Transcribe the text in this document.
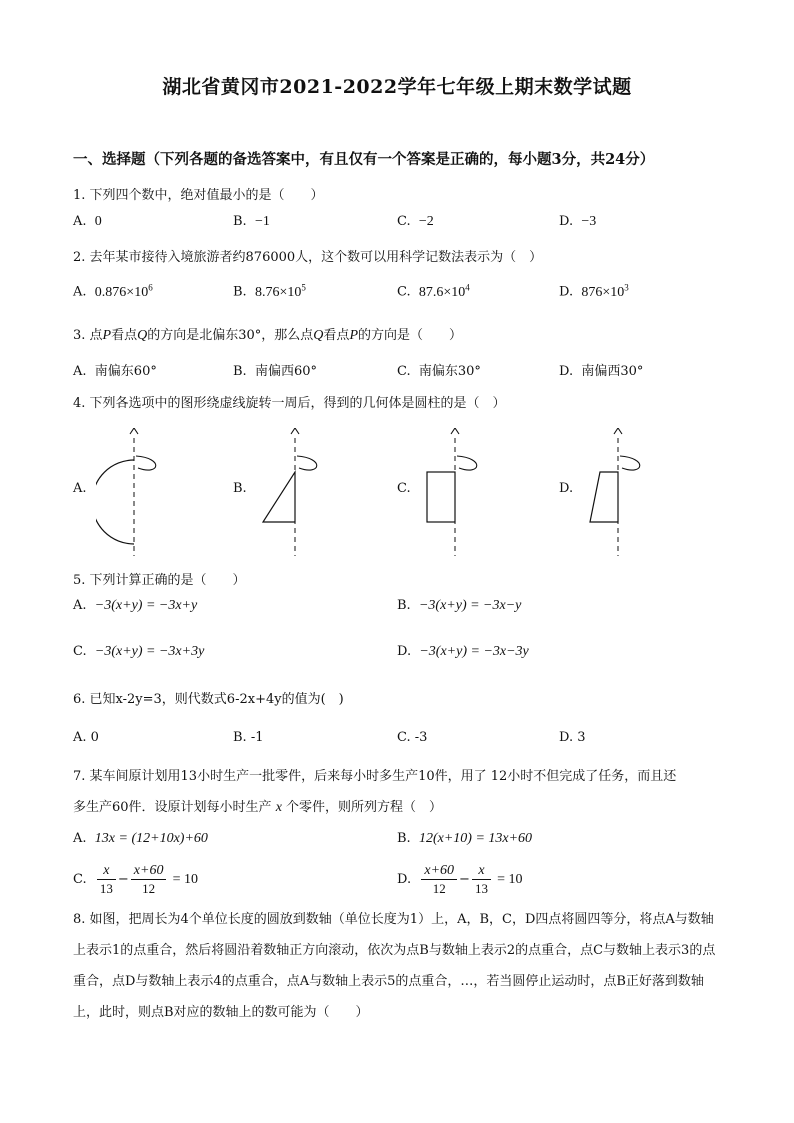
湖北省黄冈市2021-2022学年七年级上期末数学试题
一、选择题（下列各题的备选答案中，有且仅有一个答案是正确的，每小题3分，共24分）
1. 下列四个数中，绝对值最小的是（　　）
A. 0	B. −1	C. −2	D. −3
2. 去年某市接待入境旅游者约876000人，这个数可以用科学记数法表示为（　）
A. $0.876\times 10^6$	B. $8.76\times 10^5$	C. $87.6\times 10^4$	D. $876\times 10^3$
3. 点P看点Q的方向是北偏东30°，那么点Q看点P的方向是（　　）
A. 南偏东60°	B. 南偏西60°	C. 南偏东30°	D. 南偏西30°
4. 下列各选项中的图形绕虚线旋转一周后，得到的几何体是圆柱的是（　）
A.	B.	C.	D.
5. 下列计算正确的是（　　）
A. −3(x+y) = −3x+y	B. −3(x+y) = −3x−y
C. −3(x+y) = −3x+3y	D. −3(x+y) = −3x−3y
6. 已知x-2y=3，则代数式6-2x+4y的值为(　)
A. 0	B. -1	C. -3	D. 3
7. 某车间原计划用13小时生产一批零件，后来每小时多生产10件，用了 12小时不但完成了任务，而且还
多生产60件．设原计划每小时生产 x 个零件，则所列方程（　）
A. 13x = (12+10x)+60	B. 12(x+10) = 13x+60
C. $\frac{x}{13} - \frac{x+60}{12} = 10$	D. $\frac{x+60}{12} - \frac{x}{13} = 10$
8. 如图，把周长为4个单位长度的圆放到数轴（单位长度为1）上，A，B，C，D四点将圆四等分，将点A与数轴上表示1的点重合，然后将圆沿着数轴正方向滚动，依次为点B与数轴上表示2的点重合，点C与数轴上表示3的点重合，点D与数轴上表示4的点重合，点A与数轴上表示5的点重合，…，若当圆停止运动时，点B正好落到数轴上，此时，则点B对应的数轴上的数可能为（　　）
